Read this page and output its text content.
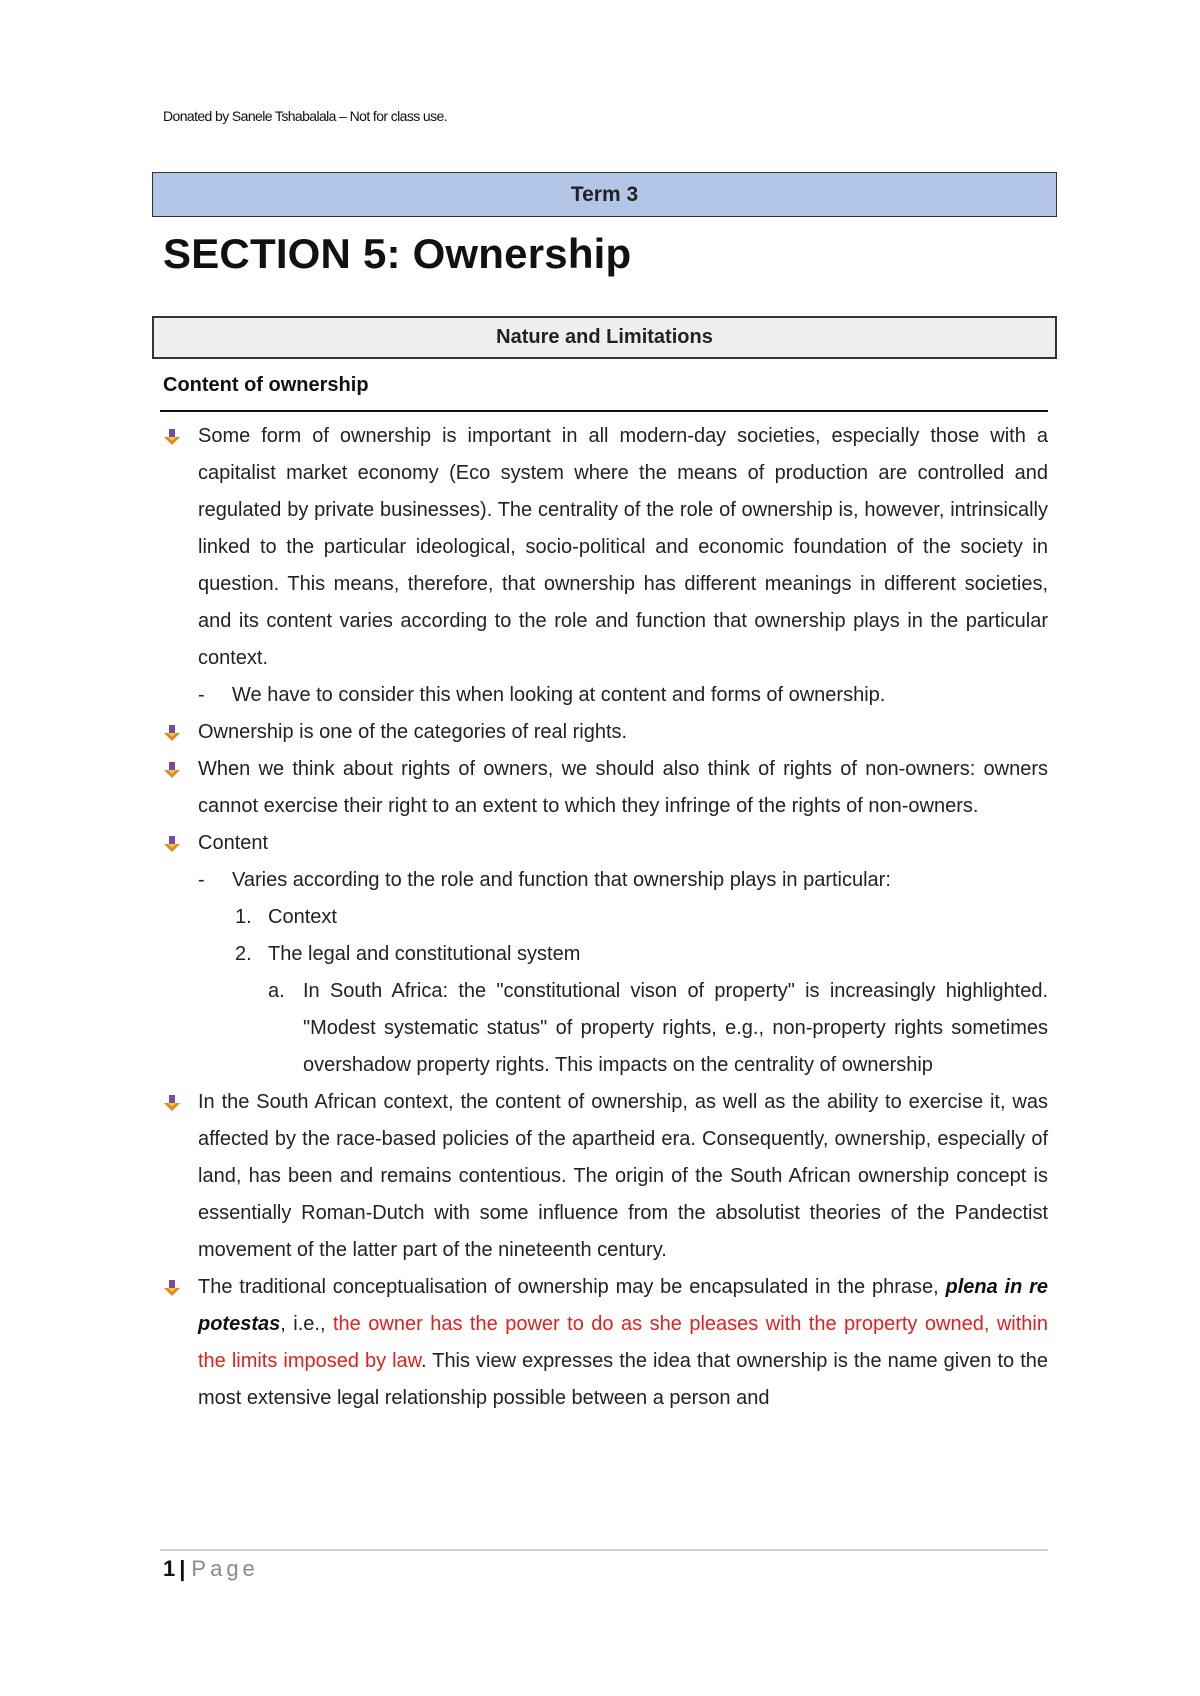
Donated by Sanele Tshabalala – Not for class use.
Term 3
SECTION 5: Ownership
Nature and Limitations
Content of ownership
Some form of ownership is important in all modern-day societies, especially those with a capitalist market economy (Eco system where the means of production are controlled and regulated by private businesses). The centrality of the role of ownership is, however, intrinsically linked to the particular ideological, socio-political and economic foundation of the society in question. This means, therefore, that ownership has different meanings in different societies, and its content varies according to the role and function that ownership plays in the particular context.
- We have to consider this when looking at content and forms of ownership.
Ownership is one of the categories of real rights.
When we think about rights of owners, we should also think of rights of non-owners: owners cannot exercise their right to an extent to which they infringe of the rights of non-owners.
Content
- Varies according to the role and function that ownership plays in particular:
1. Context
2. The legal and constitutional system
a. In South Africa: the "constitutional vison of property" is increasingly highlighted. "Modest systematic status" of property rights, e.g., non-property rights sometimes overshadow property rights. This impacts on the centrality of ownership
In the South African context, the content of ownership, as well as the ability to exercise it, was affected by the race-based policies of the apartheid era. Consequently, ownership, especially of land, has been and remains contentious. The origin of the South African ownership concept is essentially Roman-Dutch with some influence from the absolutist theories of the Pandectist movement of the latter part of the nineteenth century.
The traditional conceptualisation of ownership may be encapsulated in the phrase, plena in re potestas, i.e., the owner has the power to do as she pleases with the property owned, within the limits imposed by law. This view expresses the idea that ownership is the name given to the most extensive legal relationship possible between a person and
1 | Page
